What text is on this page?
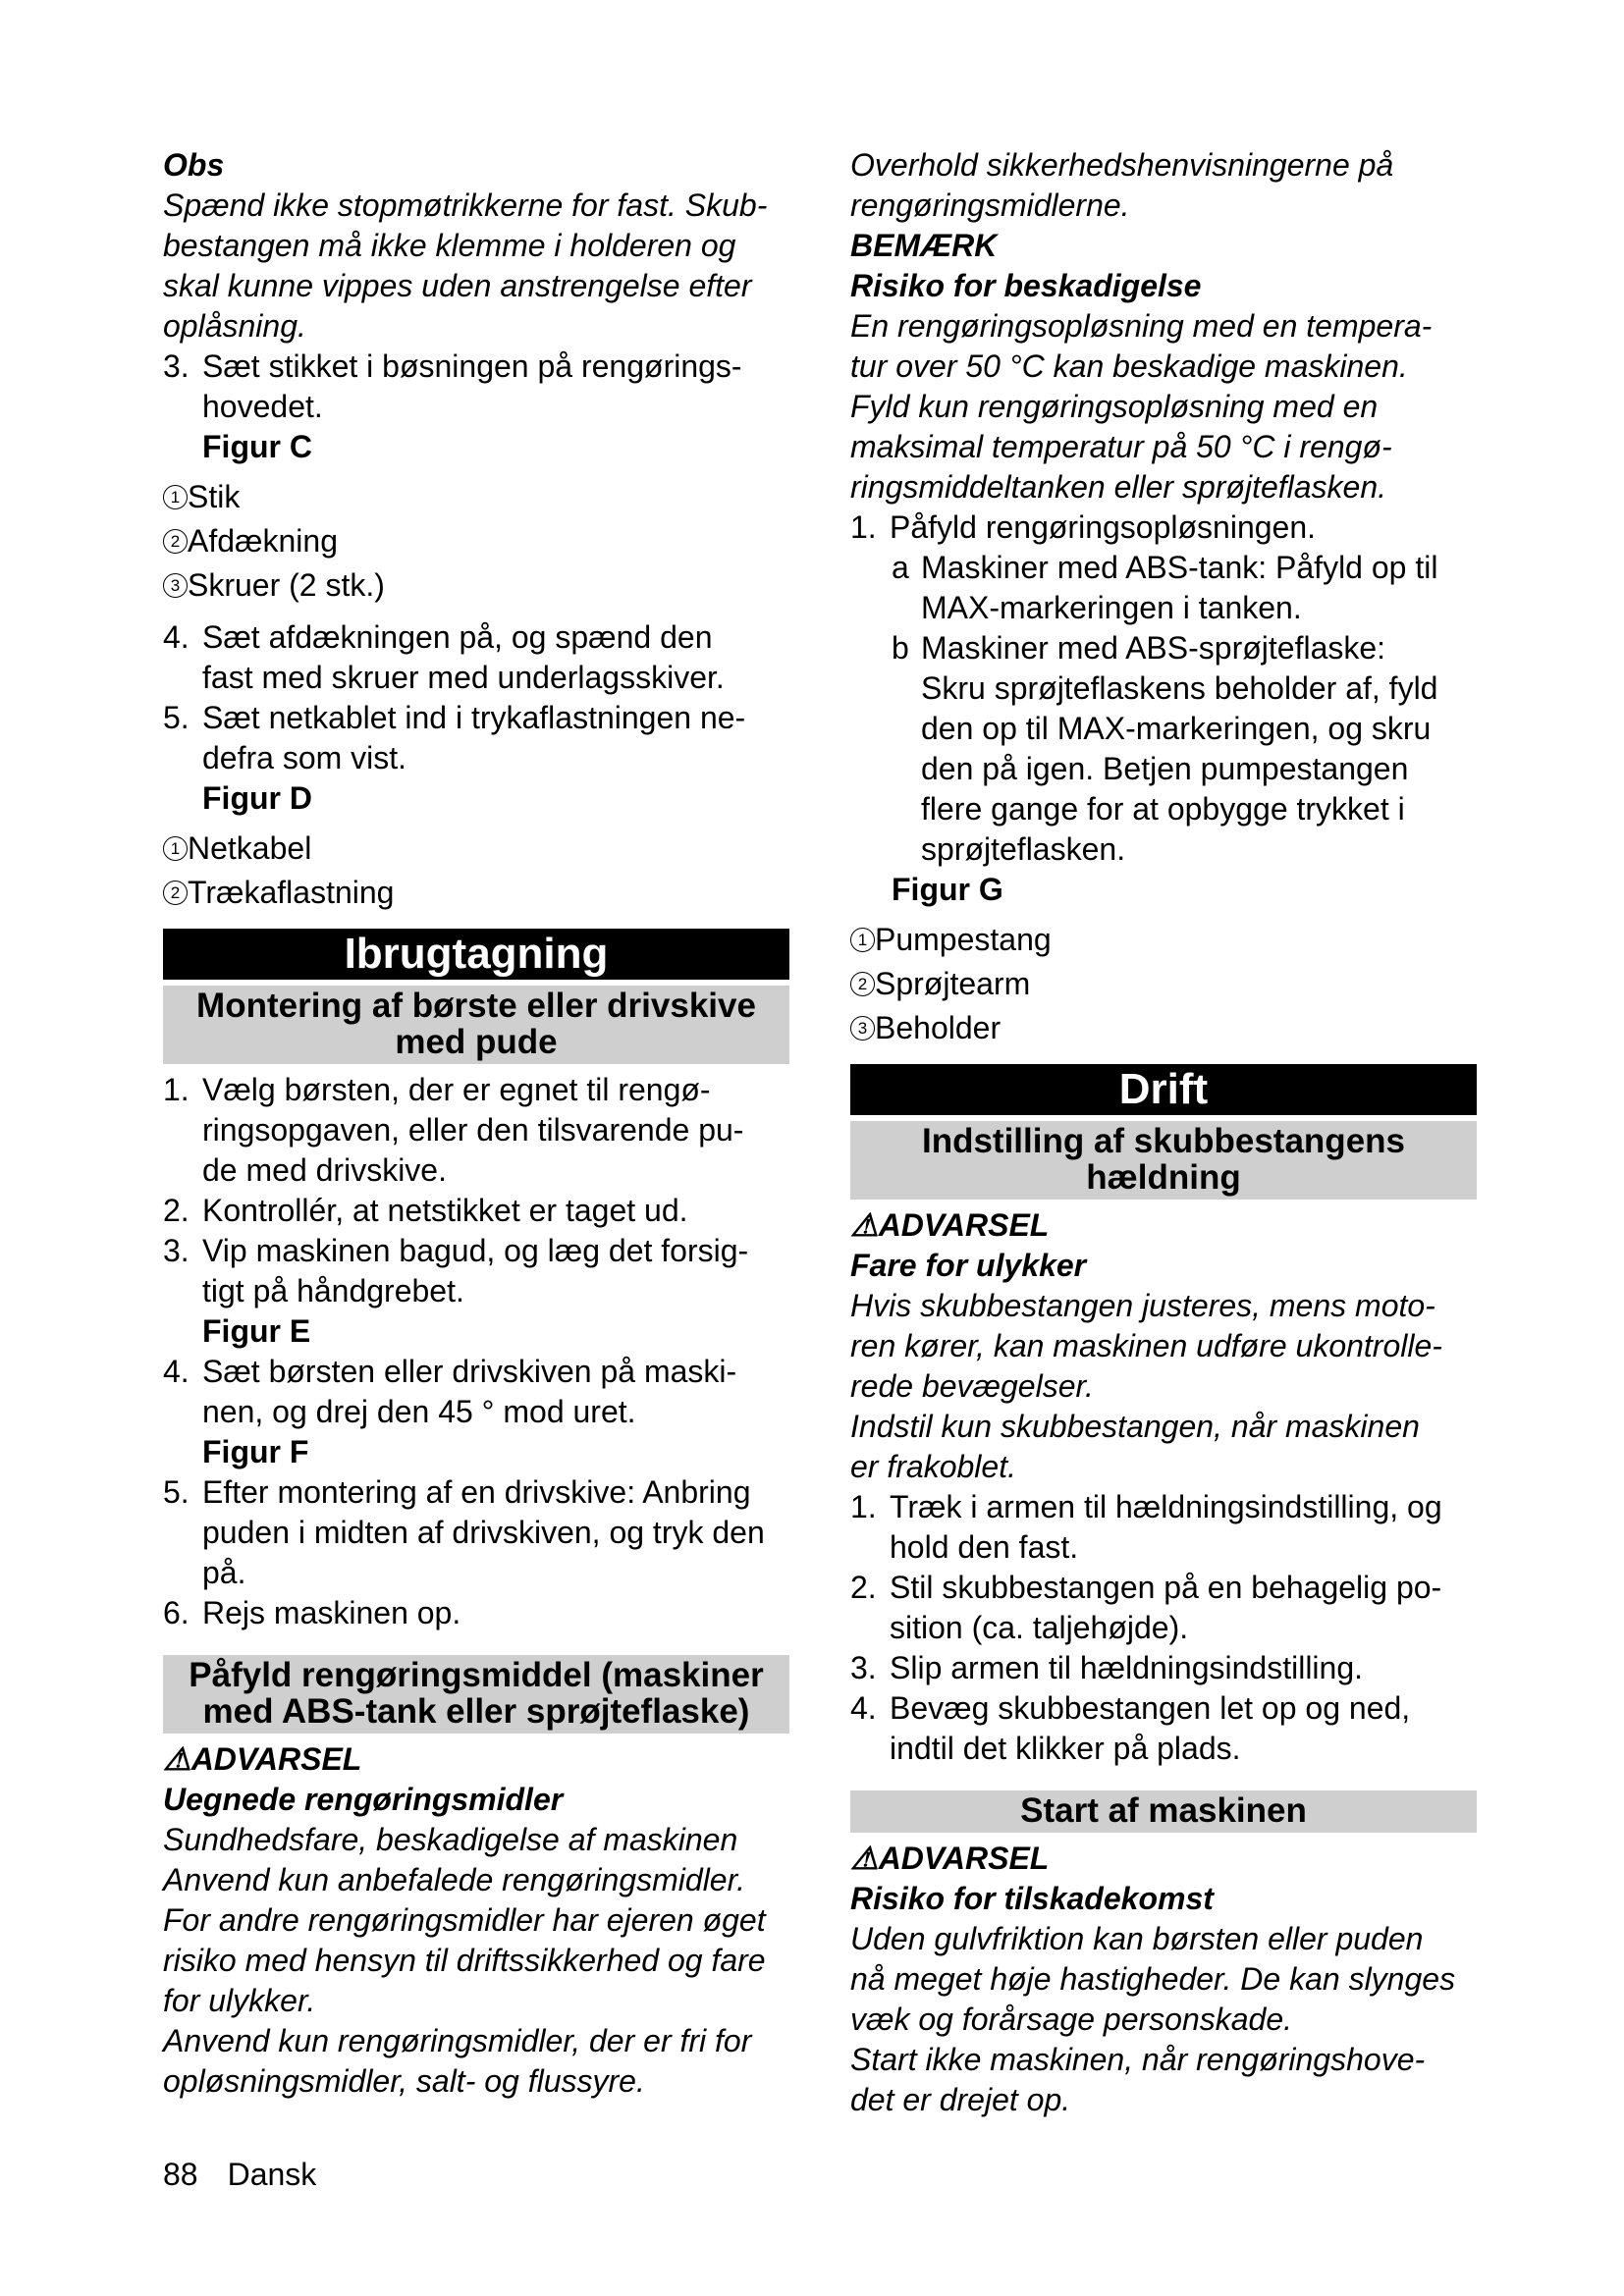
Obs
Spænd ikke stopmøtrikkerne for fast. Skub-
bestangen må ikke klemme i holderen og
skal kunne vippes uden anstrengelse efter
oplåsning.
3. Sæt stikket i bøsningen på rengørings-
hovedet.
Figur C
1 Stik
2 Afdækning
3 Skruer (2 stk.)
4. Sæt afdækningen på, og spænd den
fast med skruer med underlagsskiver.
5. Sæt netkablet ind i trykaflastningen ne-
defra som vist.
Figur D
1 Netkabel
2 Trækaflastning
Ibrugtagning
Montering af børste eller drivskive
med pude
1. Vælg børsten, der er egnet til rengø-
ringsopgaven, eller den tilsvarende pu-
de med drivskive.
2. Kontrollér, at netstikket er taget ud.
3. Vip maskinen bagud, og læg det forsig-
tigt på håndgrebet.
Figur E
4. Sæt børsten eller drivskiven på maski-
nen, og drej den 45 ° mod uret.
Figur F
5. Efter montering af en drivskive: Anbring
puden i midten af drivskiven, og tryk den
på.
6. Rejs maskinen op.
Påfyld rengøringsmiddel (maskiner
med ABS-tank eller sprøjteflaske)
⚠ADVARSEL
Uegnede rengøringsmidler
Sundhedsfare, beskadigelse af maskinen
Anvend kun anbefalede rengøringsmidler.
For andre rengøringsmidler har ejeren øget
risiko med hensyn til driftssikkerhed og fare
for ulykker.
Anvend kun rengøringsmidler, der er fri for
opløsningsmidler, salt- og flussyre.
Overhold sikkerhedshenvisningerne på
rengøringsmidlerne.
BEMÆRK
Risiko for beskadigelse
En rengøringsopløsning med en tempera-
tur over 50 °C kan beskadige maskinen.
Fyld kun rengøringsopløsning med en
maksimal temperatur på 50 °C i rengø-
ringsmiddeltanken eller sprøjteflasken.
1. Påfyld rengøringsopløsningen.
a Maskiner med ABS-tank: Påfyld op til
MAX-markeringen i tanken.
b Maskiner med ABS-sprøjteflaske:
Skru sprøjteflaskens beholder af, fyld
den op til MAX-markeringen, og skru
den på igen. Betjen pumpestangen
flere gange for at opbygge trykket i
sprøjteflasken.
Figur G
1 Pumpestang
2 Sprøjtearm
3 Beholder
Drift
Indstilling af skubbestangens
hældning
⚠ADVARSEL
Fare for ulykker
Hvis skubbestangen justeres, mens moto-
ren kører, kan maskinen udføre ukontrolle-
rede bevægelser.
Indstil kun skubbestangen, når maskinen
er frakoblet.
1. Træk i armen til hældningsindstilling, og
hold den fast.
2. Stil skubbestangen på en behagelig po-
sition (ca. taljehøjde).
3. Slip armen til hældningsindstilling.
4. Bevæg skubbestangen let op og ned,
indtil det klikker på plads.
Start af maskinen
⚠ADVARSEL
Risiko for tilskadekomst
Uden gulvfriktion kan børsten eller puden
nå meget høje hastigheder. De kan slynges
væk og forårsage personskade.
Start ikke maskinen, når rengøringshove-
det er drejet op.
88 Dansk
